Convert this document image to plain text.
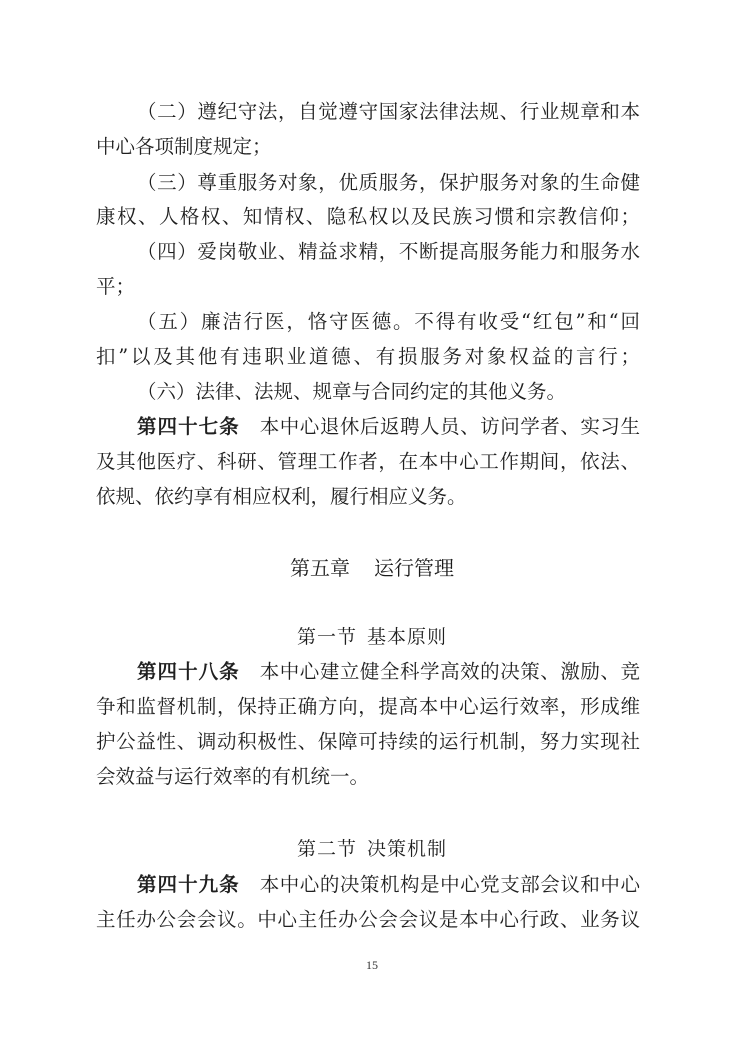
（二）遵纪守法，自觉遵守国家法律法规、行业规章和本
中心各项制度规定；
（三）尊重服务对象，优质服务，保护服务对象的生命健
康权、人格权、知情权、隐私权以及民族习惯和宗教信仰；
（四）爱岗敬业、精益求精，不断提高服务能力和服务水
平；
（五）廉洁行医，恪守医德。不得有收受“红包”和“回
扣”以及其他有违职业道德、有损服务对象权益的言行；
（六）法律、法规、规章与合同约定的其他义务。
第四十七条 本中心退休后返聘人员、访问学者、实习生
及其他医疗、科研、管理工作者，在本中心工作期间，依法、
依规、依约享有相应权利，履行相应义务。
第五章 运行管理
第一节 基本原则
第四十八条 本中心建立健全科学高效的决策、激励、竞
争和监督机制，保持正确方向，提高本中心运行效率，形成维
护公益性、调动积极性、保障可持续的运行机制，努力实现社
会效益与运行效率的有机统一。
第二节 决策机制
第四十九条 本中心的决策机构是中心党支部会议和中心
主任办公会会议。中心主任办公会会议是本中心行政、业务议
15
